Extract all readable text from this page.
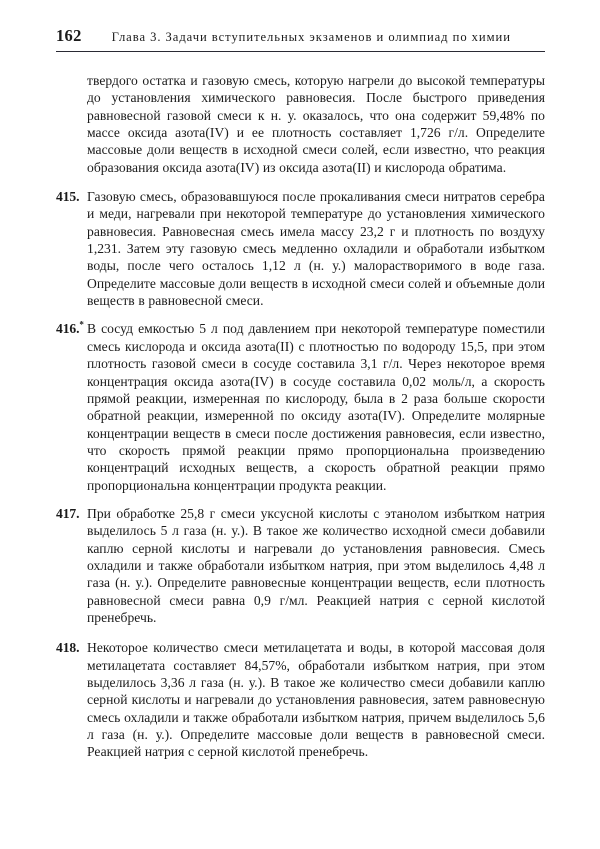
162 Глава 3. Задачи вступительных экзаменов и олимпиад по химии
твердого остатка и газовую смесь, которую нагрели до высокой температуры до установления химического равновесия. После быстрого приведения равновесной газовой смеси к н. у. оказалось, что она содержит 59,48% по массе оксида азота(IV) и ее плотность составляет 1,726 г/л. Определите массовые доли веществ в исходной смеси солей, если известно, что реакция образования оксида азота(IV) из оксида азота(II) и кислорода обратима.
415. Газовую смесь, образовавшуюся после прокаливания смеси нитратов серебра и меди, нагревали при некоторой температуре до установления химического равновесия. Равновесная смесь имела массу 23,2 г и плотность по воздуху 1,231. Затем эту газовую смесь медленно охладили и обработали избытком воды, после чего осталось 1,12 л (н. у.) малорастворимого в воде газа. Определите массовые доли веществ в исходной смеси солей и объемные доли веществ в равновесной смеси.
416.* В сосуд емкостью 5 л под давлением при некоторой температуре поместили смесь кислорода и оксида азота(II) с плотностью по водороду 15,5, при этом плотность газовой смеси в сосуде составила 3,1 г/л. Через некоторое время концентрация оксида азота(IV) в сосуде составила 0,02 моль/л, а скорость прямой реакции, измеренная по кислороду, была в 2 раза больше скорости обратной реакции, измеренной по оксиду азота(IV). Определите молярные концентрации веществ в смеси после достижения равновесия, если известно, что скорость прямой реакции прямо пропорциональна произведению концентраций исходных веществ, а скорость обратной реакции прямо пропорциональна концентрации продукта реакции.
417. При обработке 25,8 г смеси уксусной кислоты с этанолом избытком натрия выделилось 5 л газа (н. у.). В такое же количество исходной смеси добавили каплю серной кислоты и нагревали до установления равновесия. Смесь охладили и также обработали избытком натрия, при этом выделилось 4,48 л газа (н. у.). Определите равновесные концентрации веществ, если плотность равновесной смеси равна 0,9 г/мл. Реакцией натрия с серной кислотой пренебречь.
418. Некоторое количество смеси метилацетата и воды, в которой массовая доля метилацетата составляет 84,57%, обработали избытком натрия, при этом выделилось 3,36 л газа (н. у.). В такое же количество смеси добавили каплю серной кислоты и нагревали до установления равновесия, затем равновесную смесь охладили и также обработали избытком натрия, причем выделилось 5,6 л газа (н. у.). Определите массовые доли веществ в равновесной смеси. Реакцией натрия с серной кислотой пренебречь.
